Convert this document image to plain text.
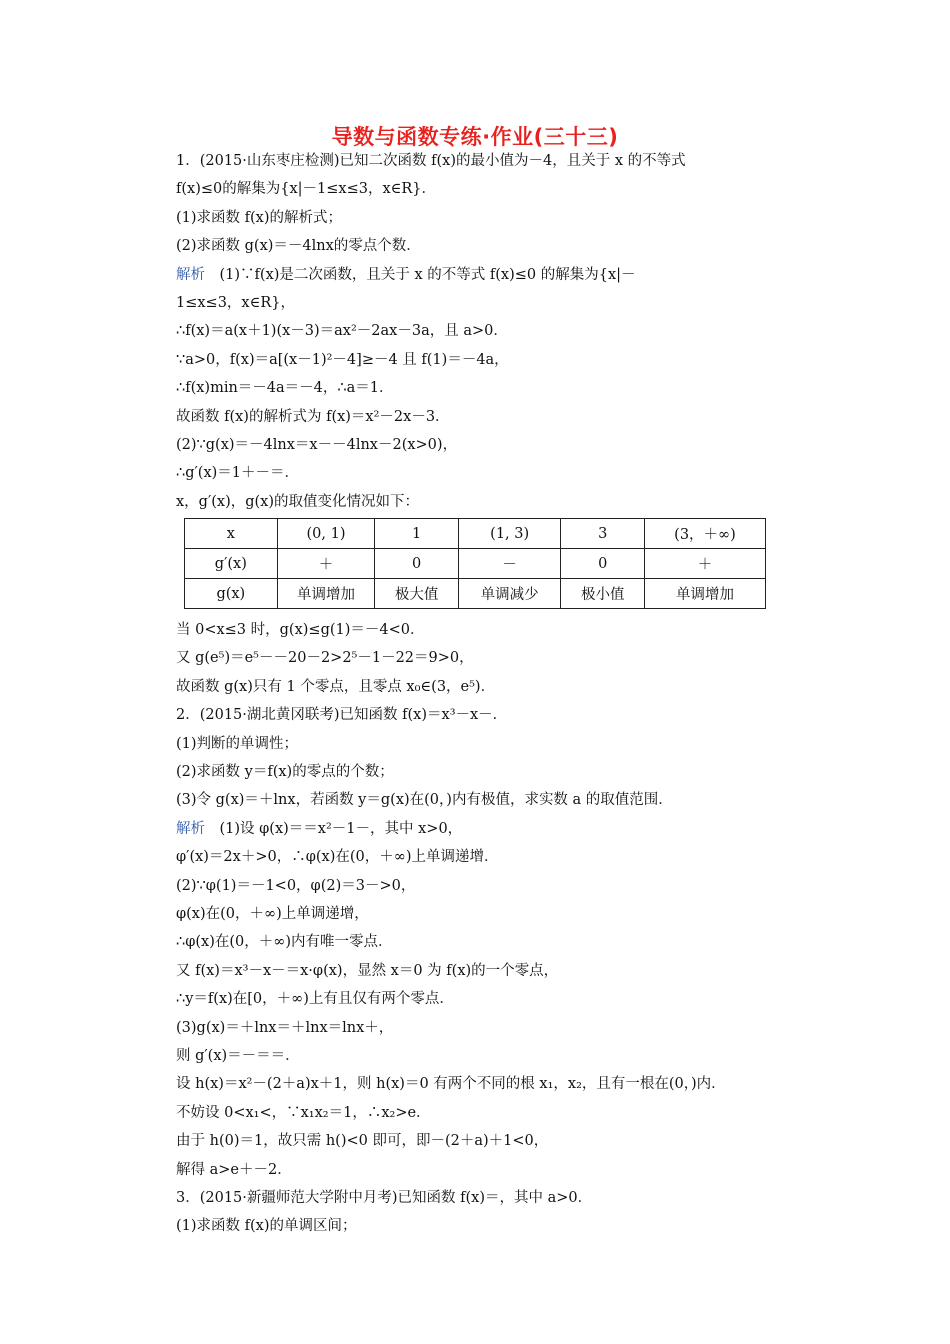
导数与函数专练·作业(三十三)
1．(2015·山东枣庄检测)已知二次函数 f(x)的最小值为－4，且关于 x 的不等式
f(x)≤0的解集为{x|－1≤x≤3，x∈R}．
(1)求函数 f(x)的解析式；
(2)求函数 g(x)＝－4lnx的零点个数．
解析　(1)∵f(x)是二次函数，且关于 x 的不等式 f(x)≤0 的解集为{x|－
1≤x≤3，x∈R}，
∴f(x)＝a(x＋1)(x－3)＝ax²－2ax－3a，且 a>0．
∵a>0，f(x)＝a[(x－1)²－4]≥－4 且 f(1)＝－4a，
∴f(x)min＝－4a＝－4，∴a＝1．
故函数 f(x)的解析式为 f(x)＝x²－2x－3．
(2)∵g(x)＝－4lnx＝x－－4lnx－2(x>0)，
∴g′(x)＝1＋－＝．
x，g′(x)，g(x)的取值变化情况如下：
x	(0, 1)	1	(1, 3)	3	(3，＋∞)
g′(x)	＋	0	－	0	＋
g(x)	单调增加	极大值	单调减少	极小值	单调增加
当 0<x≤3 时，g(x)≤g(1)＝－4<0．
又 g(e⁵)＝e⁵－－20－2>2⁵－1－22＝9>0，
故函数 g(x)只有 1 个零点，且零点 x₀∈(3，e⁵)．
2．(2015·湖北黄冈联考)已知函数 f(x)＝x³－x－．
(1)判断的单调性；
(2)求函数 y＝f(x)的零点的个数；
(3)令 g(x)＝＋lnx，若函数 y＝g(x)在(0，)内有极值，求实数 a 的取值范围．
解析　(1)设 φ(x)＝＝x²－1－，其中 x>0，
φ′(x)＝2x＋>0，∴φ(x)在(0，＋∞)上单调递增．
(2)∵φ(1)＝－1<0，φ(2)＝3－>0，
φ(x)在(0，＋∞)上单调递增，
∴φ(x)在(0，＋∞)内有唯一零点．
又 f(x)＝x³－x－＝x·φ(x)，显然 x＝0 为 f(x)的一个零点，
∴y＝f(x)在[0，＋∞)上有且仅有两个零点．
(3)g(x)＝＋lnx＝＋lnx＝lnx＋，
则 g′(x)＝－＝＝．
设 h(x)＝x²－(2＋a)x＋1，则 h(x)＝0 有两个不同的根 x₁，x₂，且有一根在(0，)内．
不妨设 0<x₁<，∵x₁x₂＝1，∴x₂>e．
由于 h(0)＝1，故只需 h()<0 即可，即－(2＋a)＋1<0，
解得 a>e＋－2．
3．(2015·新疆师范大学附中月考)已知函数 f(x)＝，其中 a>0．
(1)求函数 f(x)的单调区间；
